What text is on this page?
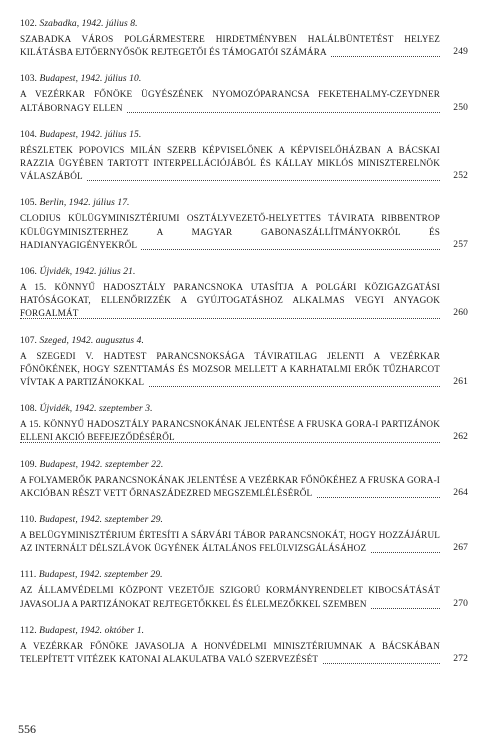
102. Szabadka, 1942. július 8.
SZABADKA VÁROS POLGÁRMESTERE HIRDETMÉNYBEN HALÁLBÜNTETÉST HELYEZ KILÁTÁSBA EJTŐERNYŐSÖK REJTEGETŐI ÉS TÁMOGATÓI SZÁMÁRA	249
103. Budapest, 1942. július 10.
A VEZÉRKAR FŐNÖKE ÜGYÉSZÉNEK NYOMOZÓPARANCSA FEKETEHALMY-CZEYDNER ALTÁBORNAGY ELLEN	250
104. Budapest, 1942. július 15.
RÉSZLETEK POPOVICS MILÁN SZERB KÉPVISELŐNEK A KÉPVISELŐHÁZBAN A BÁCSKAI RAZZIA ÜGYÉBEN TARTOTT INTERPELLÁCIÓJÁBÓL ÉS KÁLLAY MIKLÓS MINISZTERELNÖK VÁLASZÁBÓL	252
105. Berlin, 1942. július 17.
CLODIUS KÜLÜGYMINISZTÉRIUMI OSZTÁLYVEZETŐ-HELYETTES TÁVIRATA RIBBENTROP KÜLÜGYMINISZTERHEZ A MAGYAR GABONASZÁLLÍTMÁNYOKRÓL ÉS HADIANYAGIGÉNYEKRŐL	257
106. Újvidék, 1942. július 21.
A 15. KÖNNYŰ HADOSZTÁLY PARANCSNOKA UTASÍTJA A POLGÁRI KÖZIGAZGATÁSI HATÓSÁGOKAT, ELLENŐRIZZÉK A GYÚJTOGATÁSHOZ ALKALMAS VEGYI ANYAGOK FORGALMÁT	260
107. Szeged, 1942. augusztus 4.
A SZEGEDI V. HADTEST PARANCSNOKSÁGA TÁVIRATILAG JELENTI A VEZÉRKAR FŐNÖKÉNEK, HOGY SZENTTAMÁS ÉS MOZSOR MELLETT A KARHATALMI ERŐK TŰZHARCOT VÍVTAK A PARTIZÁNOKKAL	261
108. Újvidék, 1942. szeptember 3.
A 15. KÖNNYŰ HADOSZTÁLY PARANCSNOKÁNAK JELENTÉSE A FRUSKA GORA-I PARTIZÁNOK ELLENI AKCIÓ BEFEJEZŐDÉSÉRŐL	262
109. Budapest, 1942. szeptember 22.
A FOLYAMERŐK PARANCSNOKÁNAK JELENTÉSE A VEZÉRKAR FŐNÖKÉHEZ A FRUSKA GORA-I AKCIÓBAN RÉSZT VETT ŐRNASZÁDEZRED MEGSZEMLÉLÉSÉRŐL	264
110. Budapest, 1942. szeptember 29.
A BELÜGYMINISZTÉRIUM ÉRTESÍTI A SÁRVÁRI TÁBOR PARANCSNOKÁT, HOGY HOZZÁJÁRUL AZ INTERNÁLT DÉLSZLÁVOK ÜGYÉNEK ÁLTALÁNOS FELÜLVIZSGÁLÁSÁHOZ	267
111. Budapest, 1942. szeptember 29.
AZ ÁLLAMVÉDELMI KÖZPONT VEZETŐJE SZIGORÚ KORMÁNYRENDELET KIBOCSÁTÁSÁT JAVASOLJA A PARTIZÁNOKAT REJTEGETŐKKEL ÉS ÉLELMEZŐKKEL SZEMBEN	270
112. Budapest, 1942. október 1.
A VEZÉRKAR FŐNÖKE JAVASOLJA A HONVÉDELMI MINISZTÉRIUMNAK A BÁCSKÁBAN TELEPÍTETT VITÉZEK KATONAI ALAKULATBA VALÓ SZERVEZÉSÉT	272
556
